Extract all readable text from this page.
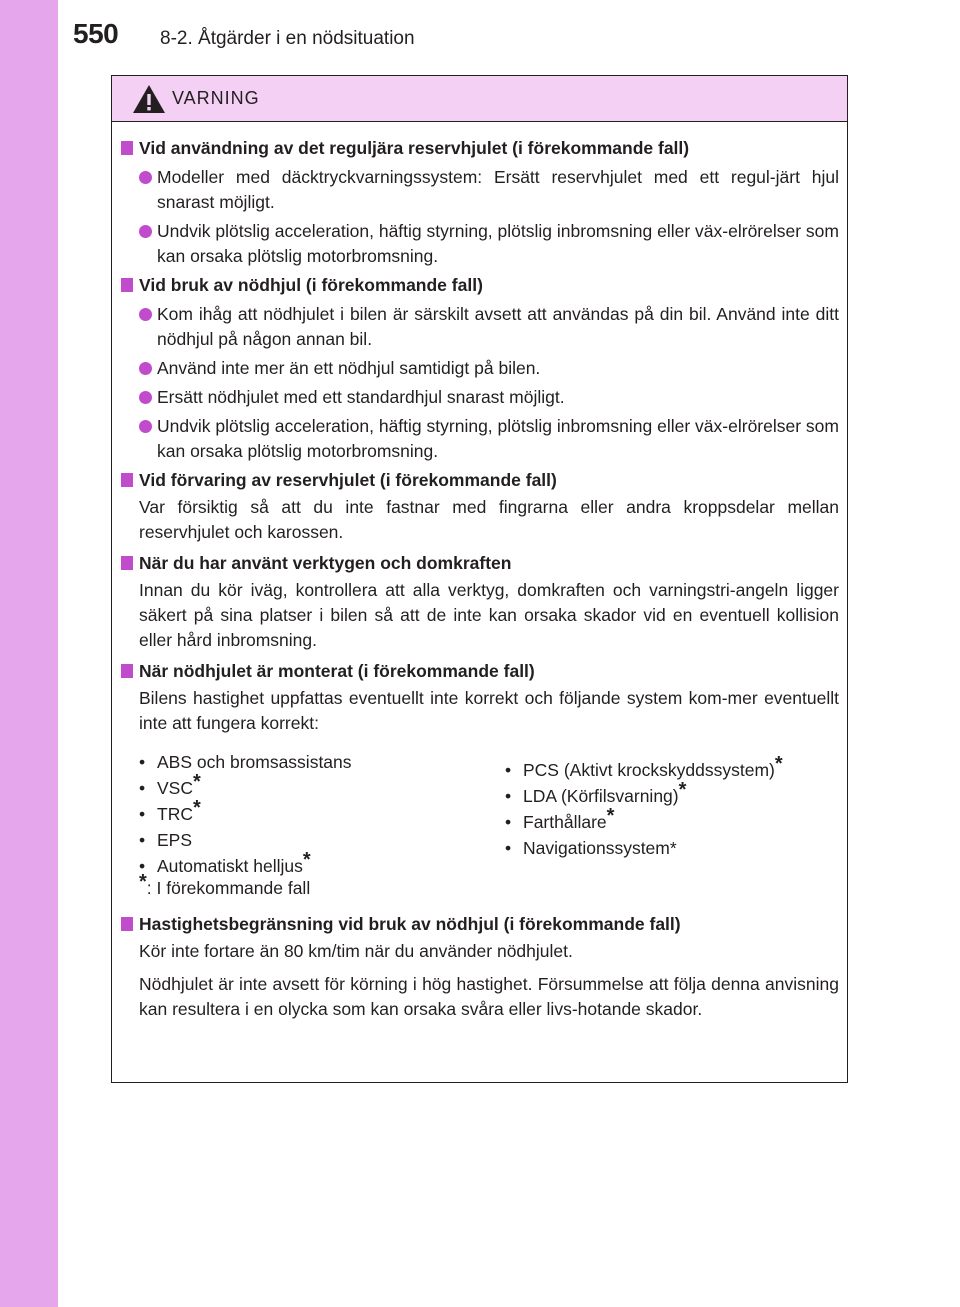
550 8-2. Åtgärder i en nödsituation
VARNING
Vid användning av det reguljära reservhjulet (i förekommande fall)
Modeller med däcktryckvarningssystem: Ersätt reservhjulet med ett regul-järt hjul snarast möjligt.
Undvik plötslig acceleration, häftig styrning, plötslig inbromsning eller väx-elrörelser som kan orsaka plötslig motorbromsning.
Vid bruk av nödhjul (i förekommande fall)
Kom ihåg att nödhjulet i bilen är särskilt avsett att användas på din bil. Använd inte ditt nödhjul på någon annan bil.
Använd inte mer än ett nödhjul samtidigt på bilen.
Ersätt nödhjulet med ett standardhjul snarast möjligt.
Undvik plötslig acceleration, häftig styrning, plötslig inbromsning eller väx-elrörelser som kan orsaka plötslig motorbromsning.
Vid förvaring av reservhjulet (i förekommande fall)
Var försiktig så att du inte fastnar med fingrarna eller andra kroppsdelar mellan reservhjulet och karossen.
När du har använt verktygen och domkraften
Innan du kör iväg, kontrollera att alla verktyg, domkraften och varningstri-angeln ligger säkert på sina platser i bilen så att de inte kan orsaka skador vid en eventuell kollision eller hård inbromsning.
När nödhjulet är monterat (i förekommande fall)
Bilens hastighet uppfattas eventuellt inte korrekt och följande system kom-mer eventuellt inte att fungera korrekt:
• ABS och bromsassistans
• VSC*
• TRC*
• EPS
• Automatiskt helljus*
• PCS (Aktivt krockskyddssystem)*
• LDA (Körfilsvarning)*
• Farthållare*
• Navigationssystem*
*: I förekommande fall
Hastighetsbegränsning vid bruk av nödhjul (i förekommande fall)
Kör inte fortare än 80 km/tim när du använder nödhjulet.
Nödhjulet är inte avsett för körning i hög hastighet. Försummelse att följa denna anvisning kan resultera i en olycka som kan orsaka svåra eller livs-hotande skador.
